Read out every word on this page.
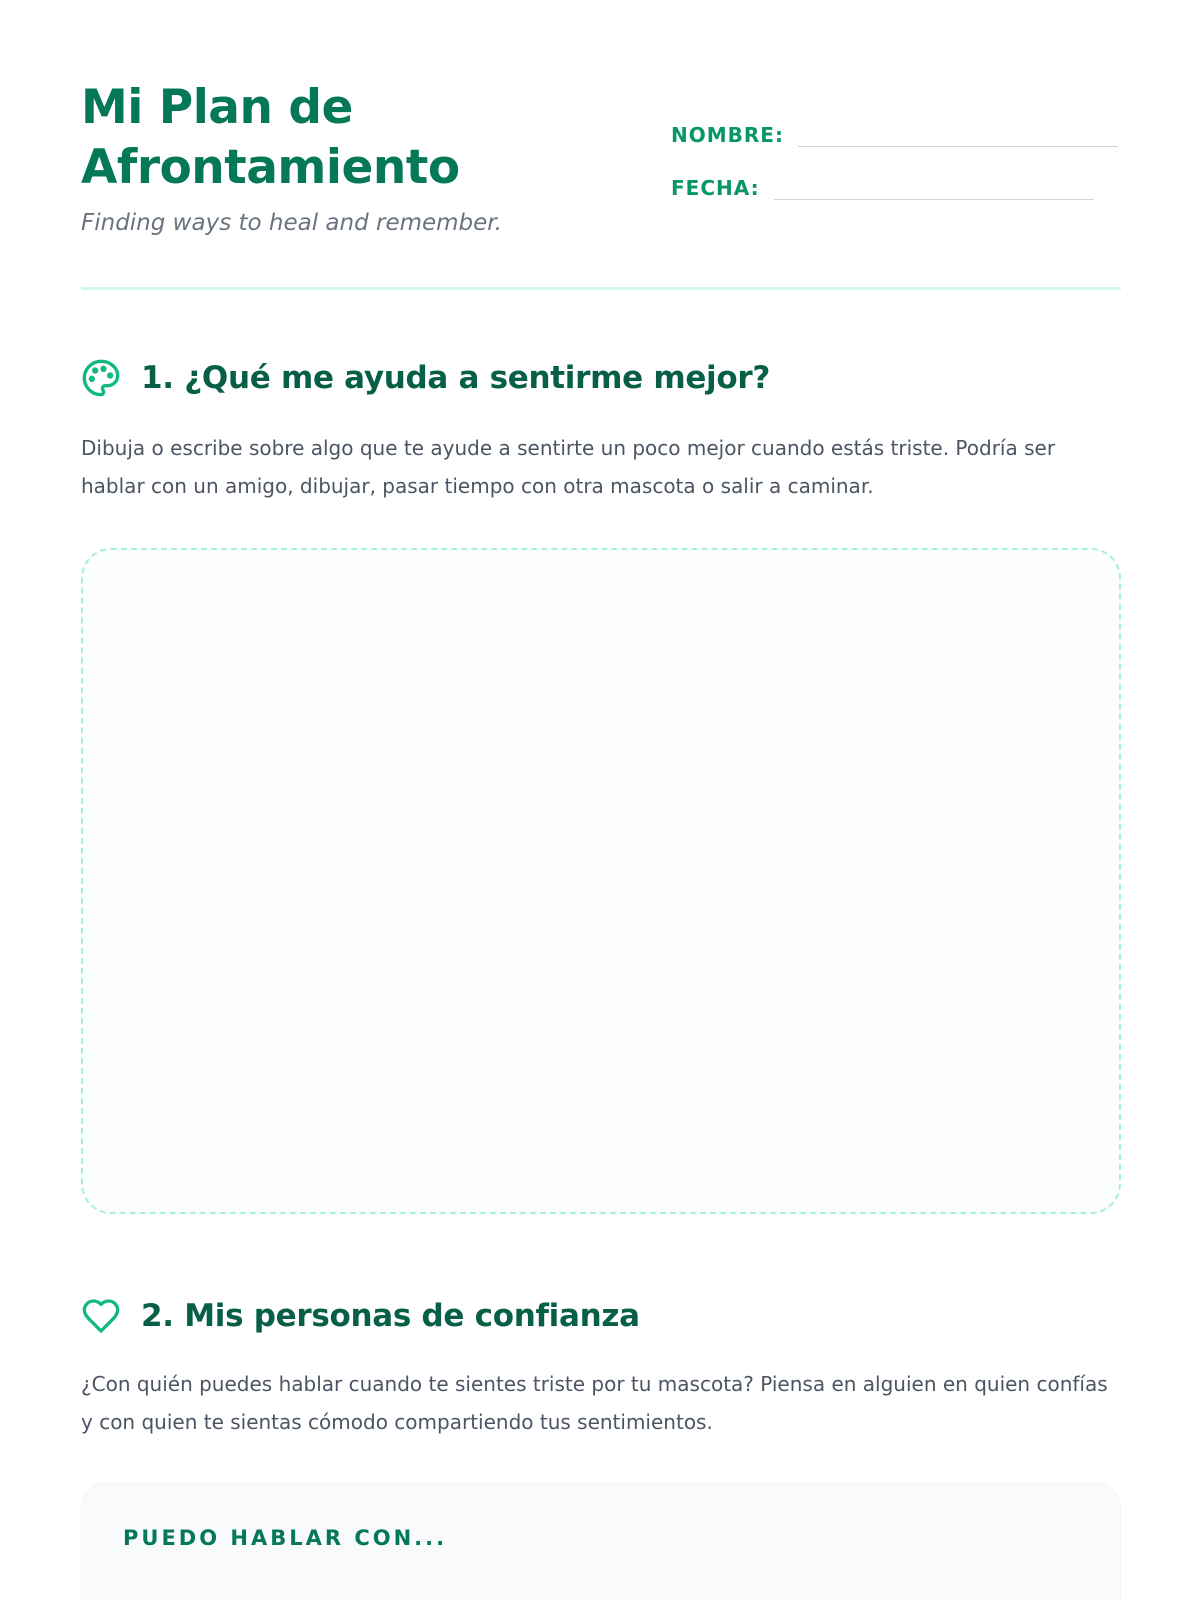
Mi Plan de
Afrontamiento

Finding ways to heal and remember.

NOMBRE:
FECHA:
1. ¿Qué me ayuda a sentirme mejor?

Dibuja o escribe sobre algo que te ayude a sentirte un poco mejor cuando estás triste. Podría ser hablar con un amigo, dibujar, pasar tiempo con otra mascota o salir a caminar.

2. Mis personas de confianza

¿Con quién puedes hablar cuando te sientes triste por tu mascota? Piensa en alguien en quien confías y con quien te sientas cómodo compartiendo tus sentimientos.

PUEDO HABLAR CON...
